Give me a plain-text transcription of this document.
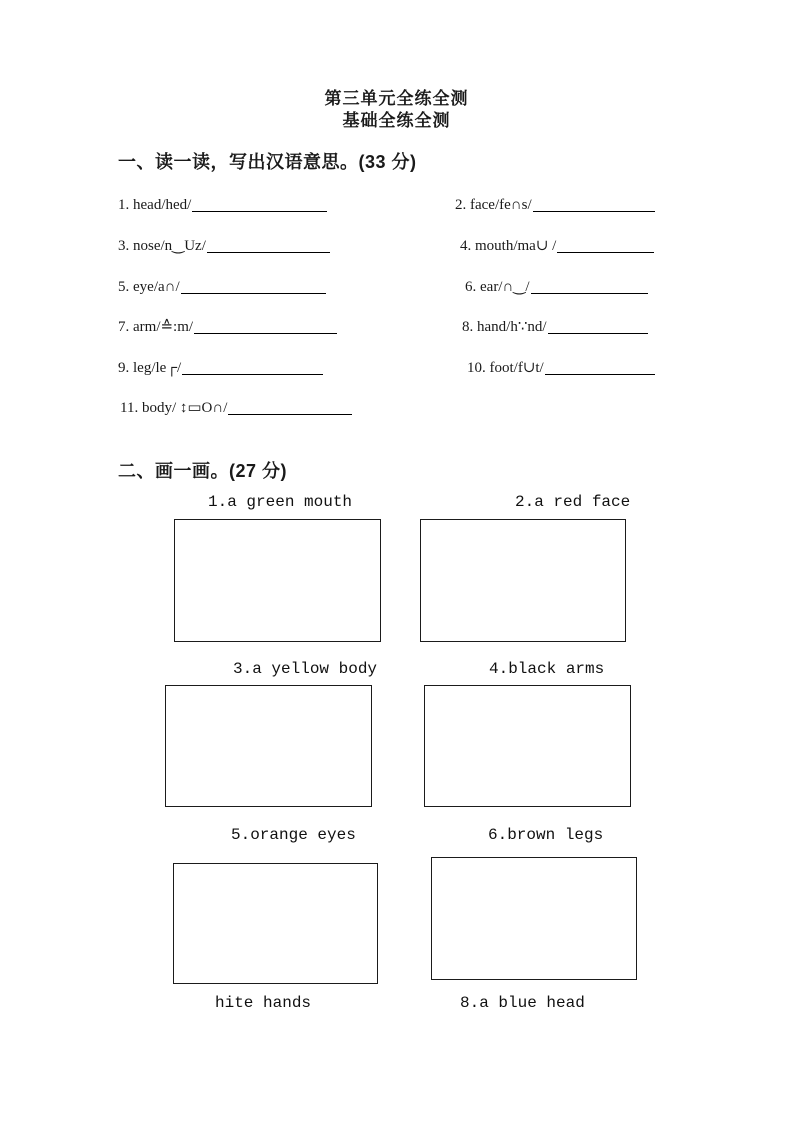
第三单元全练全测
基础全练全测
一、读一读，写出汉语意思。(33 分)
1. head/hed/	2. face/fe∩s/
3. nose/n‿Uz/	4. mouth/ma∪ /
5. eye/a∩/	6. ear/∩‿/
7. arm/≙:m/	8. hand/h∵nd/
9. leg/le┌/	10. foot/f∪t/
11. body/ ↕▭O∩/
二、画一画。(27 分)
1.a green mouth	2.a red face
3.a yellow body	4.black arms
5.orange eyes	6.brown legs
hite hands	8.a blue head
